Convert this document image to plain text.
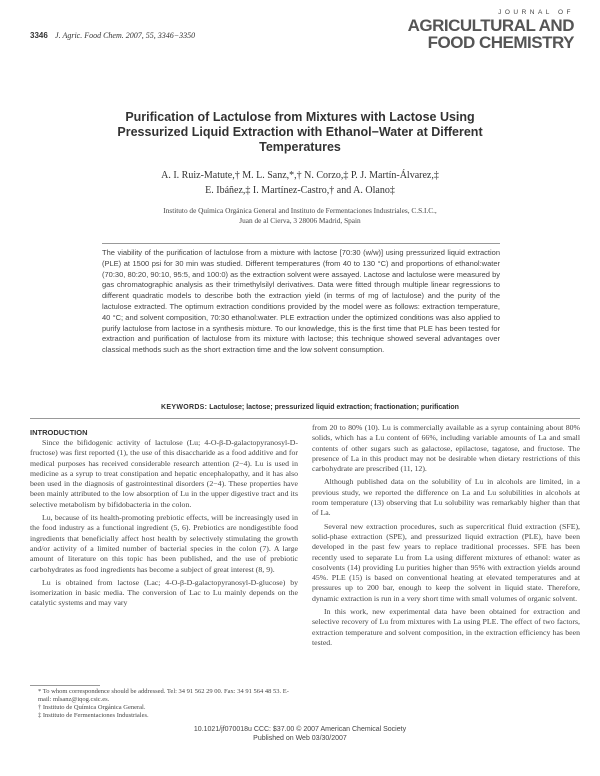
3346 J. Agric. Food Chem. 2007, 55, 3346−3350
JOURNAL OF
AGRICULTURAL AND
FOOD CHEMISTRY
Purification of Lactulose from Mixtures with Lactose Using Pressurized Liquid Extraction with Ethanol−Water at Different Temperatures
A. I. Ruiz-Matute,† M. L. Sanz,*,† N. Corzo,‡ P. J. Martín-Álvarez,‡
E. Ibáñez,‡ I. Martínez-Castro,† and A. Olano‡
Instituto de Química Orgánica General and Instituto de Fermentaciones Industriales, C.S.I.C.,
Juan de al Cierva, 3 28006 Madrid, Spain
The viability of the purification of lactulose from a mixture with lactose [70:30 (w/w)] using pressurized liquid extraction (PLE) at 1500 psi for 30 min was studied. Different temperatures (from 40 to 130 °C) and proportions of ethanol:water (70:30, 80:20, 90:10, 95:5, and 100:0) as the extraction solvent were assayed. Lactose and lactulose were measured by gas chromatographic analysis as their trimethylsilyl derivatives. Data were fitted through multiple linear regressions to different quadratic models to describe both the extraction yield (in terms of mg of lactulose) and the purity of the lactulose extracted. The optimum extraction conditions provided by the model were as follows: extraction temperature, 40 °C; and solvent composition, 70:30 ethanol:water. PLE extraction under the optimized conditions was also applied to purify lactulose from lactose in a synthesis mixture. To our knowledge, this is the first time that PLE has been tested for extraction and purification of lactulose from its mixture with lactose; this technique showed several advantages over classical methods such as the short extraction time and the low solvent consumption.
KEYWORDS: Lactulose; lactose; pressurized liquid extraction; fractionation; purification
INTRODUCTION

Since the bifidogenic activity of lactulose (Lu; 4-O-β-D-galactopyranosyl-D-fructose) was first reported (1), the use of this disaccharide as a food additive and for medical purposes has received considerable research attention (2−4). Lu is used in medicine as a syrup to treat constipation and hepatic encephalopathy, and it has also been used in the diagnosis of gastrointestinal disorders (2−4). These properties have been mainly attributed to the low absorption of Lu in the upper digestive tract and its selective metabolism by bifidobacteria in the colon.

Lu, because of its health-promoting prebiotic effects, will be increasingly used in the food industry as a functional ingredient (5, 6). Prebiotics are nondigestible food ingredients that beneficially affect host health by selectively stimulating the growth and/or activity of a limited number of bacterial species in the colon (7). A large amount of literature on this topic has been published, and the use of prebiotic carbohydrates as food ingredients has become a subject of great interest (8, 9).

Lu is obtained from lactose (Lac; 4-O-β-D-galactopyranosyl-D-glucose) by isomerization in basic media. The conversion of Lac to Lu mainly depends on the catalytic systems and may vary

from 20 to 80% (10). Lu is commercially available as a syrup containing about 80% solids, which has a Lu content of 66%, including variable amounts of La and small contents of other sugars such as galactose, epilactose, tagatose, and fructose. The presence of La in this product may not be desirable when dietary restrictions of this carbohydrate are prescribed (11, 12).

Although published data on the solubility of Lu in alcohols are limited, in a previous study, we reported the difference on La and Lu solubilities in alcohols at room temperature (13) observing that Lu solubility was remarkably higher than that of La.

Several new extraction procedures, such as supercritical fluid extraction (SFE), solid-phase extraction (SPE), and pressurized liquid extraction (PLE), have been developed in the past few years to replace traditional processes. SFE has been recently used to separate Lu from La using different mixtures of ethanol: water as cosolvents (14) providing Lu purities higher than 95% with extraction yields around 45%. PLE (15) is based on conventional heating at elevated temperatures and at pressures up to 200 bar, enough to keep the solvent in liquid state. Therefore, dynamic extraction is run in a very short time with small volumes of organic solvent.

In this work, new experimental data have been obtained for extraction and selective recovery of Lu from mixtures with La using PLE. The effect of two factors, extraction temperature and solvent composition, in the extraction efficiency has been tested.

* To whom correspondence should be addressed. Tel: 34 91 562 29 00. Fax: 34 91 564 48 53. E-mail: mlsanz@iqog.csic.es.
† Instituto de Química Orgánica General.
‡ Instituto de Fermentaciones Industriales.
10.1021/jf070018u CCC: $37.00 © 2007 American Chemical Society
Published on Web 03/30/2007
